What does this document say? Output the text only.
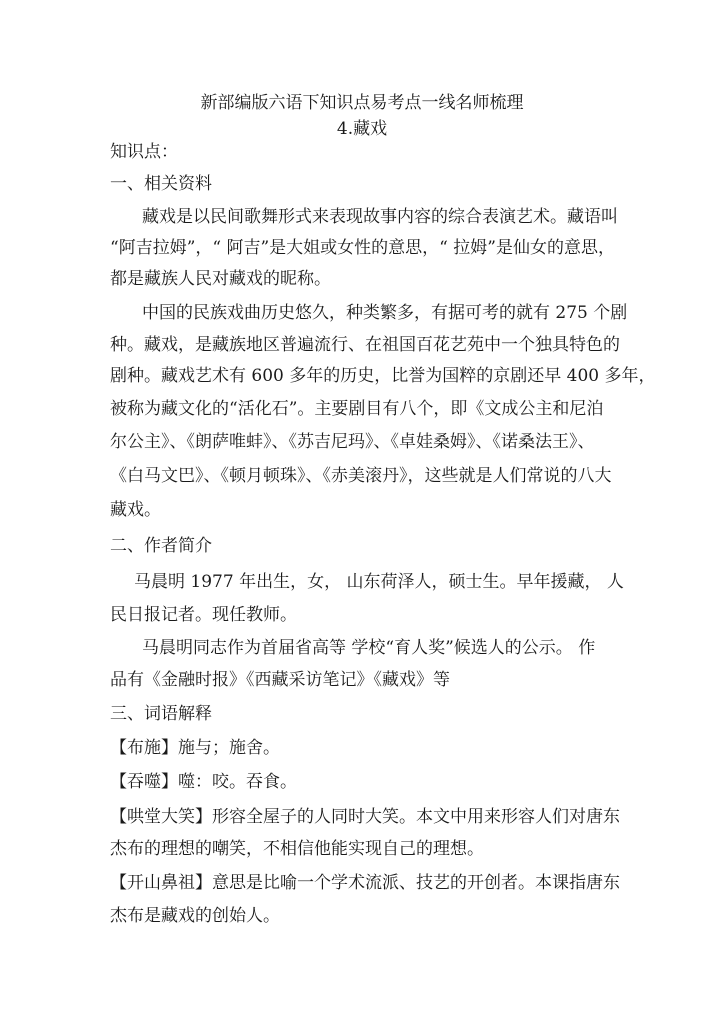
新部编版六语下知识点易考点一线名师梳理
4.藏戏
知识点：
一、相关资料
藏戏是以民间歌舞形式来表现故事内容的综合表演艺术。藏语叫
“阿吉拉姆”，“ 阿吉”是大姐或女性的意思，“ 拉姆”是仙女的意思，
都是藏族人民对藏戏的昵称。
中国的民族戏曲历史悠久，种类繁多，有据可考的就有 275 个剧
种。藏戏，是藏族地区普遍流行、在祖国百花艺苑中一个独具特色的
剧种。藏戏艺术有 600 多年的历史，比誉为国粹的京剧还早 400 多年，
被称为藏文化的“活化石”。主要剧目有八个，即《文成公主和尼泊
尔公主》、《朗萨唯蚌》、《苏吉尼玛》、《卓娃桑姆》、《诺桑法王》、
《白马文巴》、《顿月顿珠》、《赤美滚丹》，这些就是人们常说的八大
藏戏。
二、作者简介
马晨明 1977 年出生，女， 山东荷泽人，硕士生。早年援藏， 人
民日报记者。现任教师。
马晨明同志作为首届省高等 学校“育人奖”候选人的公示。 作
品有《金融时报》《西藏采访笔记》《藏戏》等
三、词语解释
【布施】施与；施舍。
【吞噬】噬：咬。吞食。
【哄堂大笑】形容全屋子的人同时大笑。本文中用来形容人们对唐东
杰布的理想的嘲笑，不相信他能实现自己的理想。
【开山鼻祖】意思是比喻一个学术流派、技艺的开创者。本课指唐东
杰布是藏戏的创始人。
